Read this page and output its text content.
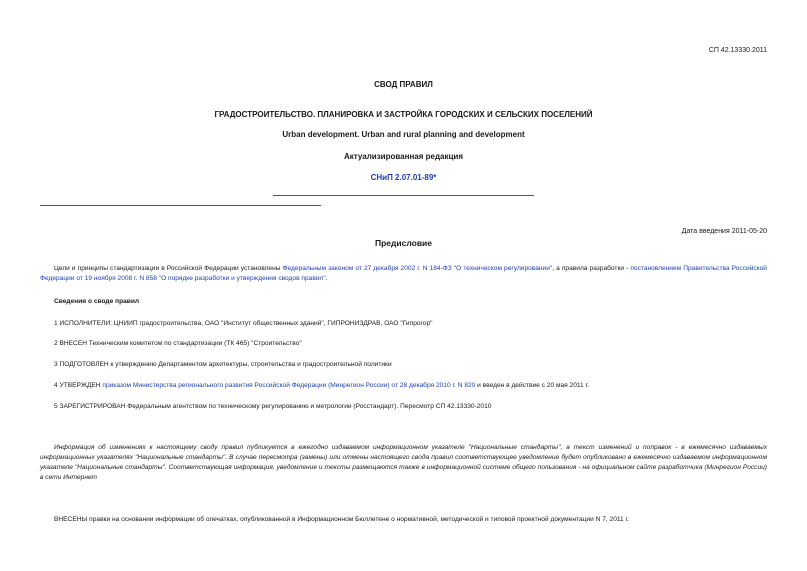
СП 42.13330.2011
СВОД ПРАВИЛ
ГРАДОСТРОИТЕЛЬСТВО. ПЛАНИРОВКА И ЗАСТРОЙКА ГОРОДСКИХ И СЕЛЬСКИХ ПОСЕЛЕНИЙ
Urban development. Urban and rural planning and development
Актуализированная редакция
СНиП 2.07.01-89*
Дата введения 2011-05-20
Предисловие

Цели и принципы стандартизации в Российской Федерации установлены Федеральным законом от 27 декабря 2002 г. N 184-ФЗ "О техническом регулировании", а правила разработки - постановлением Правительства Российской Федерации от 19 ноября 2008 г. N 858 "О порядке разработки и утверждения сводов правил".

Сведения о своде правил
1 ИСПОЛНИТЕЛИ: ЦНИИП градостроительства, ОАО "Институт общественных зданий", ГИПРОНИЗДРАВ, ОАО "Гипрогор"
2 ВНЕСЕН Техническим комитетом по стандартизации (ТК 465) "Строительство"
3 ПОДГОТОВЛЕН к утверждению Департаментом архитектуры, строительства и градостроительной политики
4 УТВЕРЖДЕН приказом Министерства регионального развития Российской Федерации (Минрегион России) от 28 декабря 2010 г. N 820 и введен в действие с 20 мая 2011 г.
5 ЗАРЕГИСТРИРОВАН Федеральным агентством по техническому регулированию и метрологии (Росстандарт). Пересмотр СП 42.13330-2010

Информация об изменениях к настоящему своду правил публикуется в ежегодно издаваемом информационном указателе "Национальные стандарты", а текст изменений и поправок - в ежемесячно издаваемых информационных указателях "Национальные стандарты". В случае пересмотра (замены) или отмены настоящего свода правил соответствующее уведомление будет опубликовано в ежемесячно издаваемом информационном указателе "Национальные стандарты". Соответствующая информация, уведомление и тексты размещаются также в информационной системе общего пользования - на официальном сайте разработчика (Минрегион России) в сети Интернет

ВНЕСЕНЫ правки на основании информации об опечатках, опубликованной в Информационном Бюллетене о нормативной, методической и типовой проектной документации N 7, 2011 г.
